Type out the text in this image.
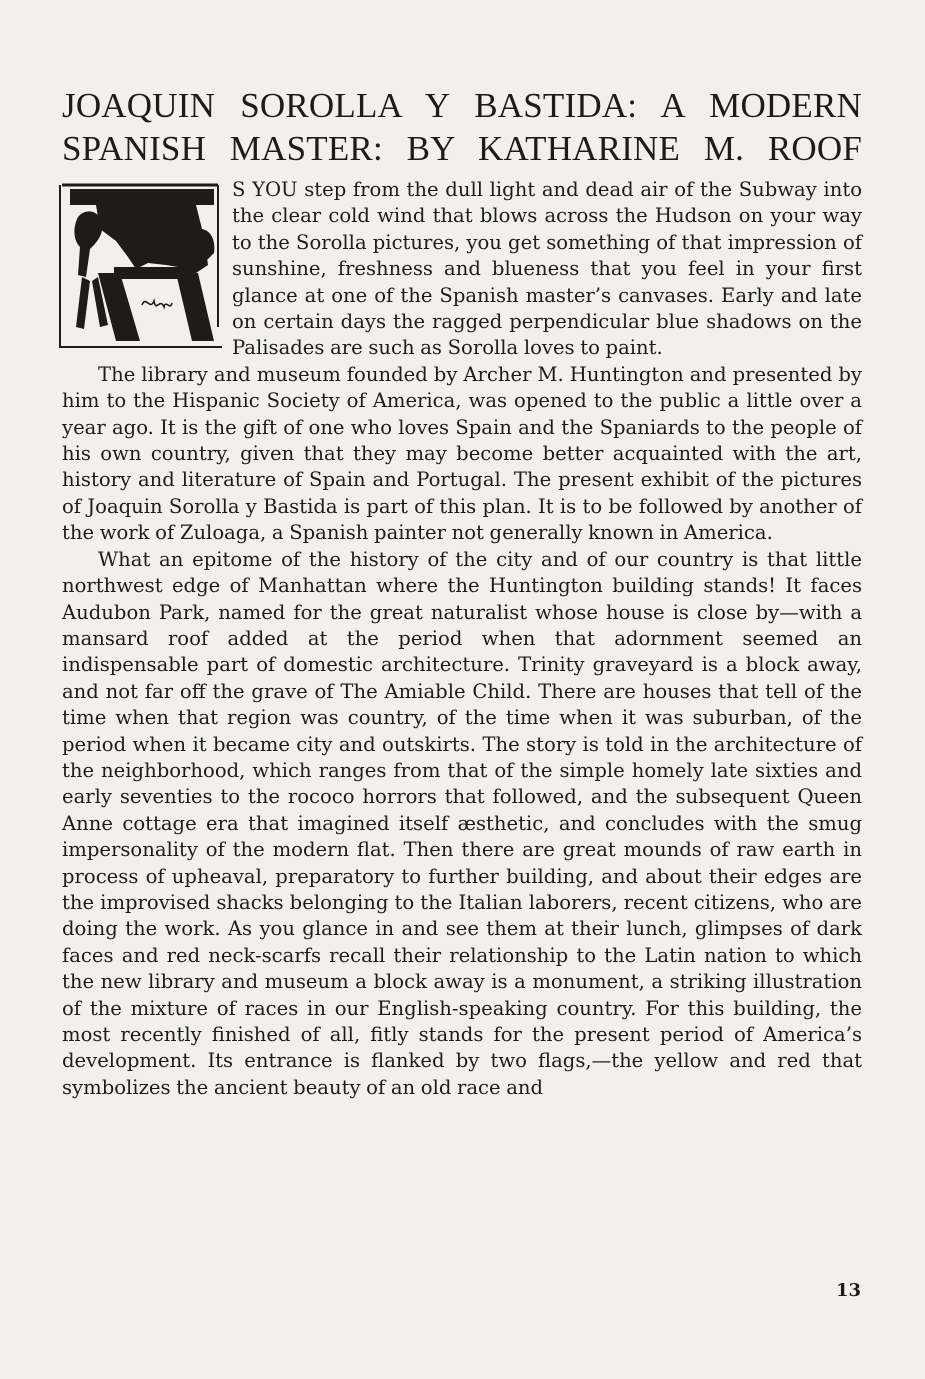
JOAQUIN SOROLLA Y BASTIDA: A MODERN
SPANISH MASTER: BY KATHARINE M. ROOF

S YOU step from the dull light and dead air of the Subway into the clear cold wind that blows across the Hudson on your way to the Sorolla pictures, you get something of that impression of sunshine, freshness and blueness that you feel in your first glance at one of the Spanish master’s canvases. Early and late on certain days the ragged perpendicular blue shadows on the Palisades are such as Sorolla loves to paint.

The library and museum founded by Archer M. Huntington and presented by him to the Hispanic Society of America, was opened to the public a little over a year ago. It is the gift of one who loves Spain and the Spaniards to the people of his own country, given that they may become better acquainted with the art, history and literature of Spain and Portugal. The present exhibit of the pictures of Joaquin Sorolla y Bastida is part of this plan. It is to be followed by another of the work of Zuloaga, a Spanish painter not generally known in America.

What an epitome of the history of the city and of our country is that little northwest edge of Manhattan where the Huntington building stands! It faces Audubon Park, named for the great naturalist whose house is close by—with a mansard roof added at the period when that adornment seemed an indispensable part of domestic architecture. Trinity graveyard is a block away, and not far off the grave of The Amiable Child. There are houses that tell of the time when that region was country, of the time when it was suburban, of the period when it became city and outskirts. The story is told in the architecture of the neighborhood, which ranges from that of the simple homely late sixties and early seventies to the rococo horrors that followed, and the subsequent Queen Anne cottage era that imagined itself æsthetic, and concludes with the smug impersonality of the modern flat. Then there are great mounds of raw earth in process of upheaval, preparatory to further building, and about their edges are the improvised shacks belonging to the Italian laborers, recent citizens, who are doing the work. As you glance in and see them at their lunch, glimpses of dark faces and red neck-scarfs recall their relationship to the Latin nation to which the new library and museum a block away is a monument, a striking illustration of the mixture of races in our English-speaking country. For this building, the most recently finished of all, fitly stands for the present period of America’s development. Its entrance is flanked by two flags,—the yellow and red that symbolizes the ancient beauty of an old race and

13
